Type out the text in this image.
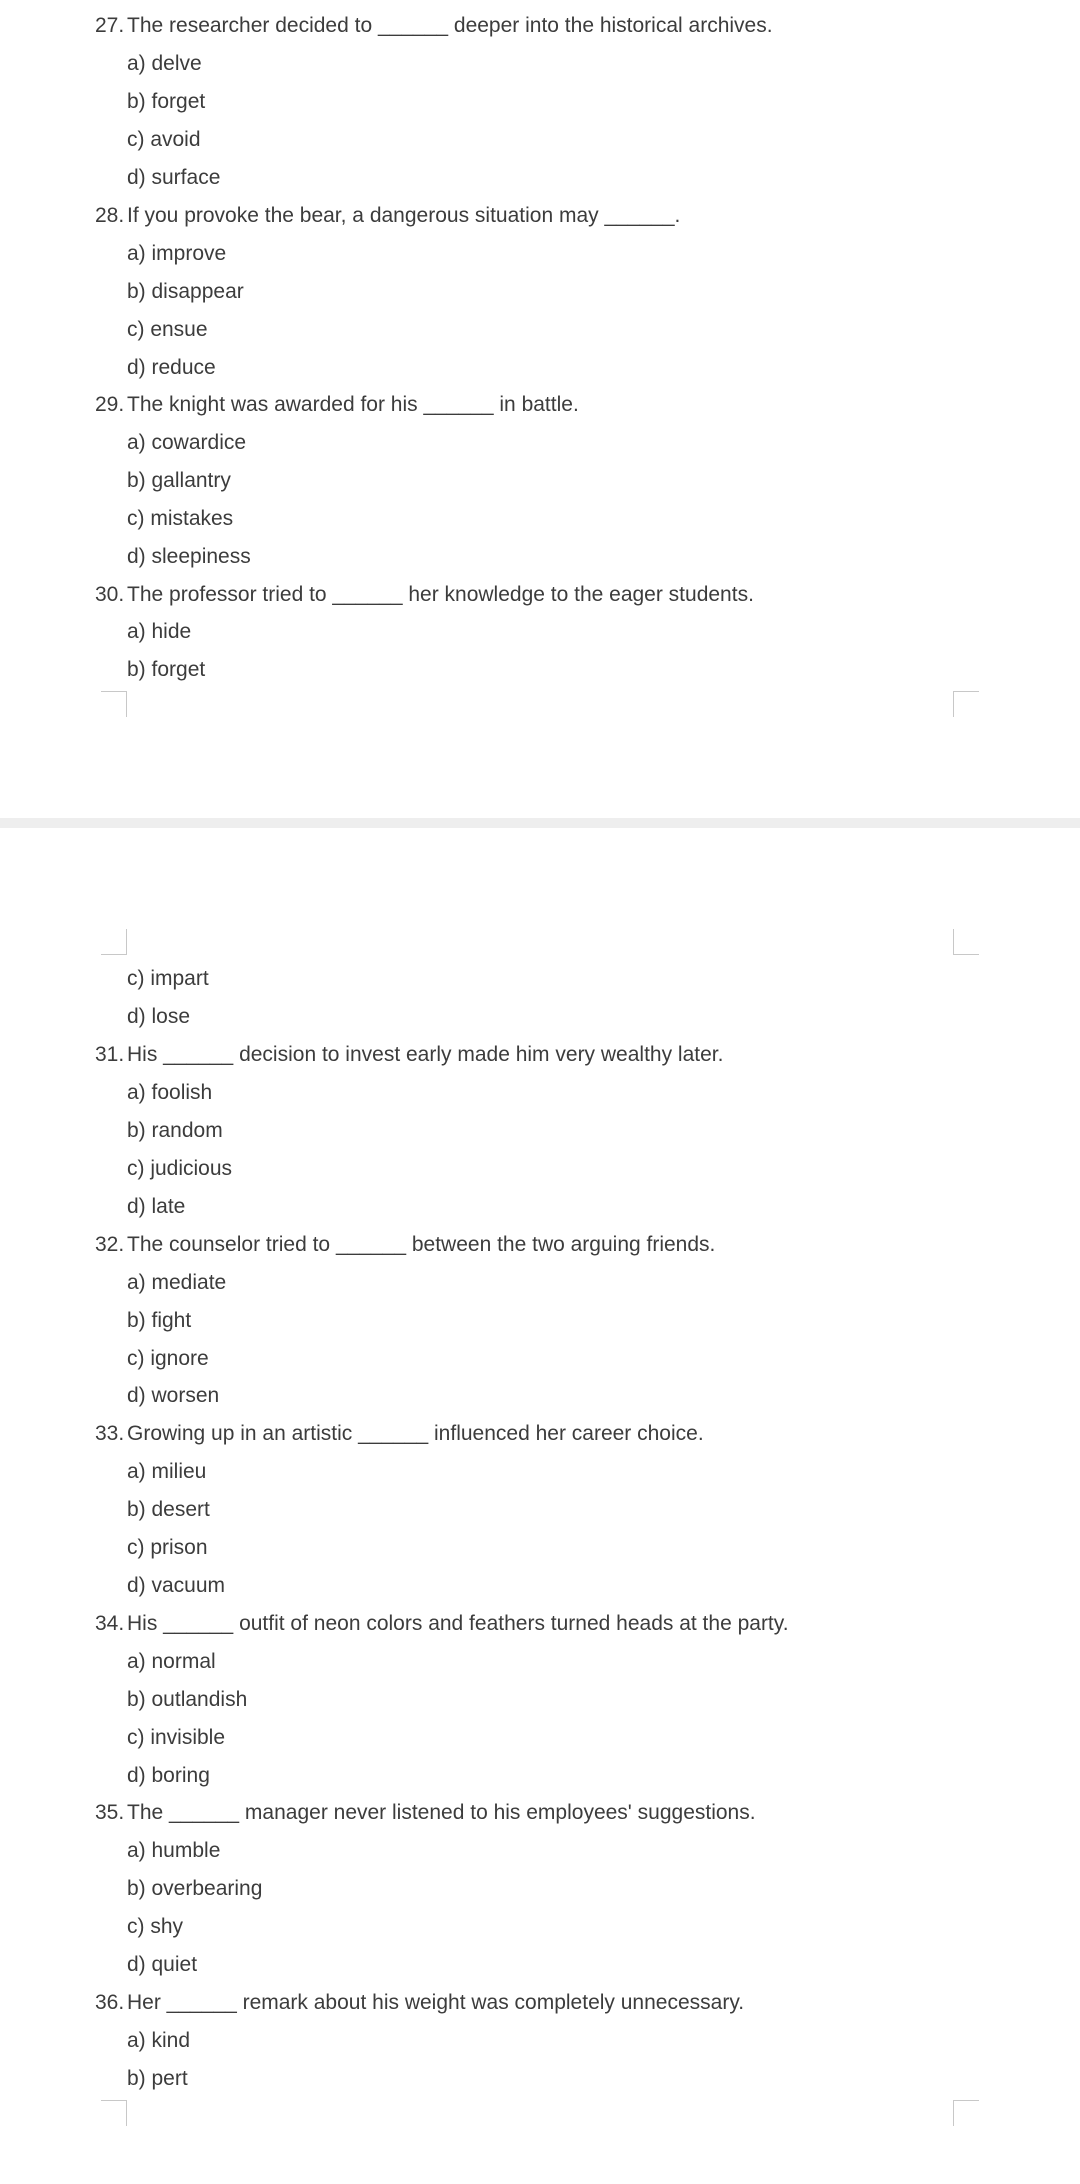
27. The researcher decided to ______ deeper into the historical archives.
a) delve
b) forget
c) avoid
d) surface
28. If you provoke the bear, a dangerous situation may ______.
a) improve
b) disappear
c) ensue
d) reduce
29. The knight was awarded for his ______ in battle.
a) cowardice
b) gallantry
c) mistakes
d) sleepiness
30. The professor tried to ______ her knowledge to the eager students.
a) hide
b) forget
c) impart
d) lose
31. His ______ decision to invest early made him very wealthy later.
a) foolish
b) random
c) judicious
d) late
32. The counselor tried to ______ between the two arguing friends.
a) mediate
b) fight
c) ignore
d) worsen
33. Growing up in an artistic ______ influenced her career choice.
a) milieu
b) desert
c) prison
d) vacuum
34. His ______ outfit of neon colors and feathers turned heads at the party.
a) normal
b) outlandish
c) invisible
d) boring
35. The ______ manager never listened to his employees' suggestions.
a) humble
b) overbearing
c) shy
d) quiet
36. Her ______ remark about his weight was completely unnecessary.
a) kind
b) pert
